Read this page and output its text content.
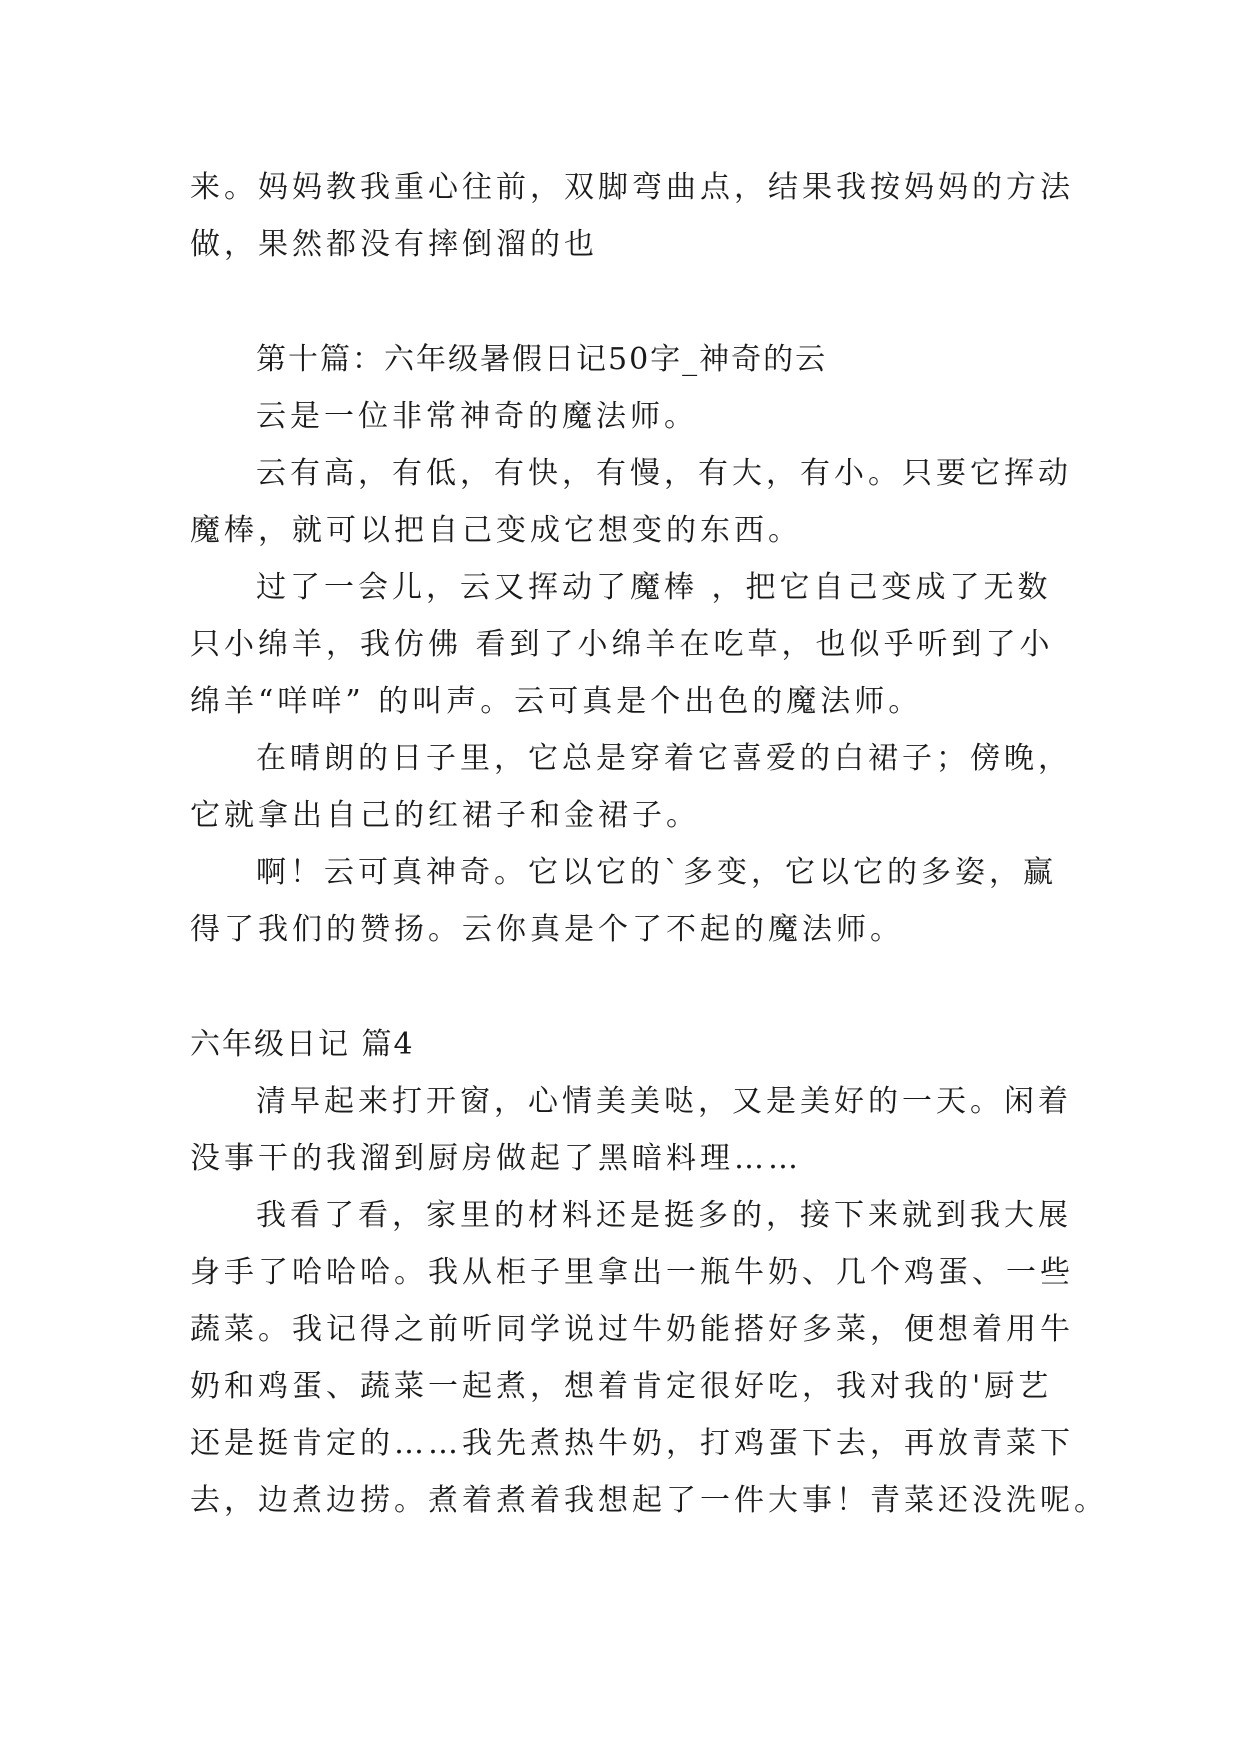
来。妈妈教我重心往前，双脚弯曲点，结果我按妈妈的方法
做，果然都没有摔倒溜的也
第十篇：六年级暑假日记50字_神奇的云
云是一位非常神奇的魔法师。
云有高，有低，有快，有慢，有大，有小。只要它挥动
魔棒，就可以把自己变成它想变的东西。
过了一会儿，云又挥动了魔棒 ，把它自己变成了无数
只小绵羊，我仿佛 看到了小绵羊在吃草，也似乎听到了小
绵羊“咩咩” 的叫声。云可真是个出色的魔法师。
在晴朗的日子里，它总是穿着它喜爱的白裙子；傍晚，
它就拿出自己的红裙子和金裙子。
啊！云可真神奇。它以它的`多变，它以它的多姿，赢
得了我们的赞扬。云你真是个了不起的魔法师。
六年级日记 篇4
清早起来打开窗，心情美美哒，又是美好的一天。闲着
没事干的我溜到厨房做起了黑暗料理……
我看了看，家里的材料还是挺多的，接下来就到我大展
身手了哈哈哈。我从柜子里拿出一瓶牛奶、几个鸡蛋、一些
蔬菜。我记得之前听同学说过牛奶能搭好多菜，便想着用牛
奶和鸡蛋、蔬菜一起煮，想着肯定很好吃，我对我的'厨艺
还是挺肯定的……我先煮热牛奶，打鸡蛋下去，再放青菜下
去，边煮边捞。煮着煮着我想起了一件大事！青菜还没洗呢。
